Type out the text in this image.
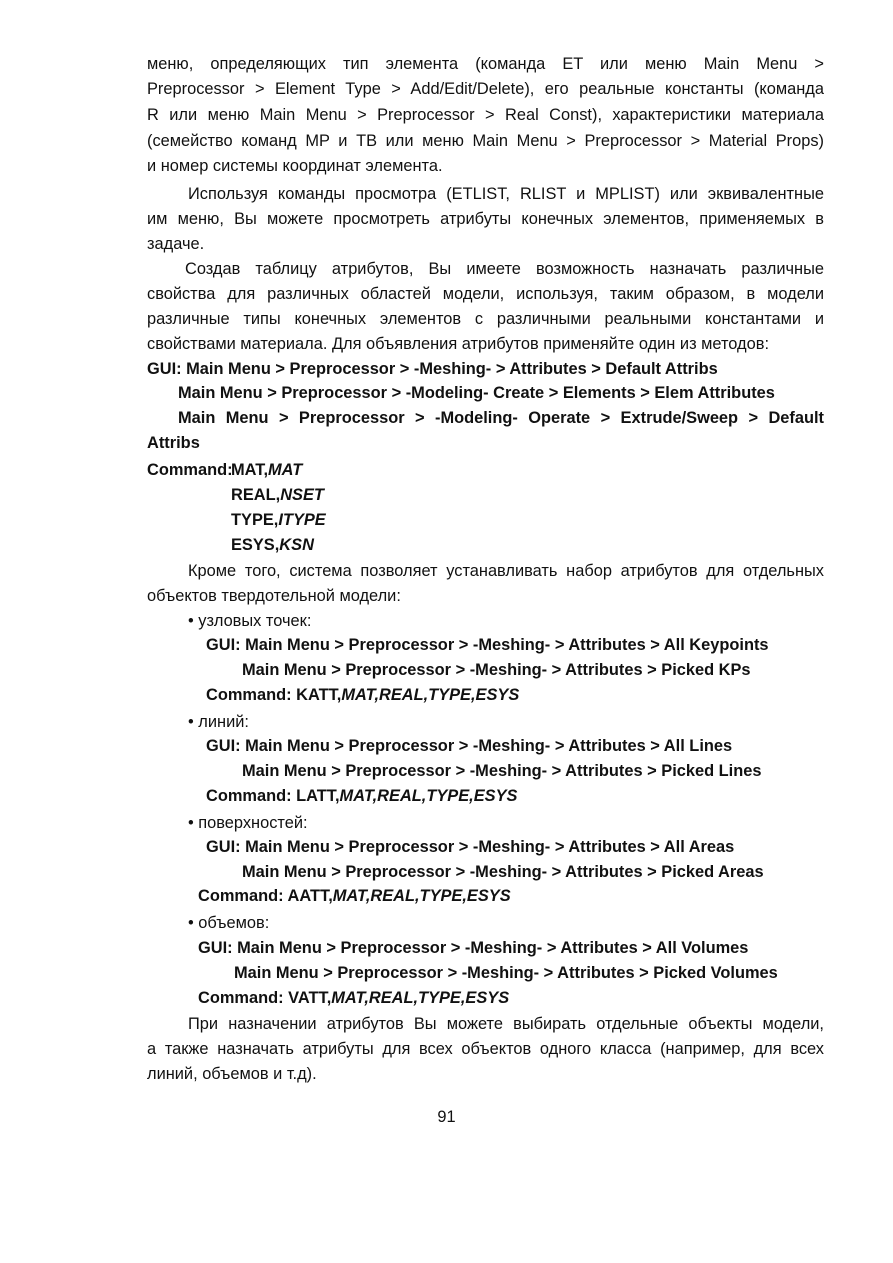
меню, определяющих тип элемента (команда ET или меню Main Menu >
Preprocessor > Element Type > Add/Edit/Delete), его реальные константы (команда
R или меню Main Menu > Preprocessor > Real Const), характеристики материала
(семейство команд MP и TB или меню Main Menu > Preprocessor > Material Props)
и номер системы координат элемента.
Используя команды просмотра (ETLIST, RLIST и MPLIST) или эквивалентные
им меню, Вы можете просмотреть атрибуты конечных элементов, применяемых в
задаче.
Создав таблицу атрибутов, Вы имеете возможность назначать различные
свойства для различных областей модели, используя, таким образом, в модели
различные типы конечных элементов с различными реальными константами и
свойствами материала. Для объявления атрибутов применяйте один из методов:
GUI: Main Menu > Preprocessor > -Meshing- > Attributes > Default Attribs
Main Menu > Preprocessor > -Modeling- Create > Elements > Elem Attributes
Main Menu > Preprocessor > -Modeling- Operate > Extrude/Sweep > Default
Attribs
Command:
MAT,MAT
REAL,NSET
TYPE,ITYPE
ESYS,KSN
Кроме того, система позволяет устанавливать набор атрибутов для отдельных
объектов твердотельной модели:
• узловых точек:
GUI: Main Menu > Preprocessor > -Meshing- > Attributes > All Keypoints
Main Menu > Preprocessor > -Meshing- > Attributes > Picked KPs
Command: KATT,MAT,REAL,TYPE,ESYS
• линий:
GUI: Main Menu > Preprocessor > -Meshing- > Attributes > All Lines
Main Menu > Preprocessor > -Meshing- > Attributes > Picked Lines
Command: LATT,MAT,REAL,TYPE,ESYS
• поверхностей:
GUI: Main Menu > Preprocessor > -Meshing- > Attributes > All Areas
Main Menu > Preprocessor > -Meshing- > Attributes > Picked Areas
Command: AATT,MAT,REAL,TYPE,ESYS
• объемов:
GUI: Main Menu > Preprocessor > -Meshing- > Attributes > All Volumes
Main Menu > Preprocessor > -Meshing- > Attributes > Picked Volumes
Command: VATT,MAT,REAL,TYPE,ESYS
При назначении атрибутов Вы можете выбирать отдельные объекты модели,
а также назначать атрибуты для всех объектов одного класса (например, для всех
линий, объемов и т.д).
91
